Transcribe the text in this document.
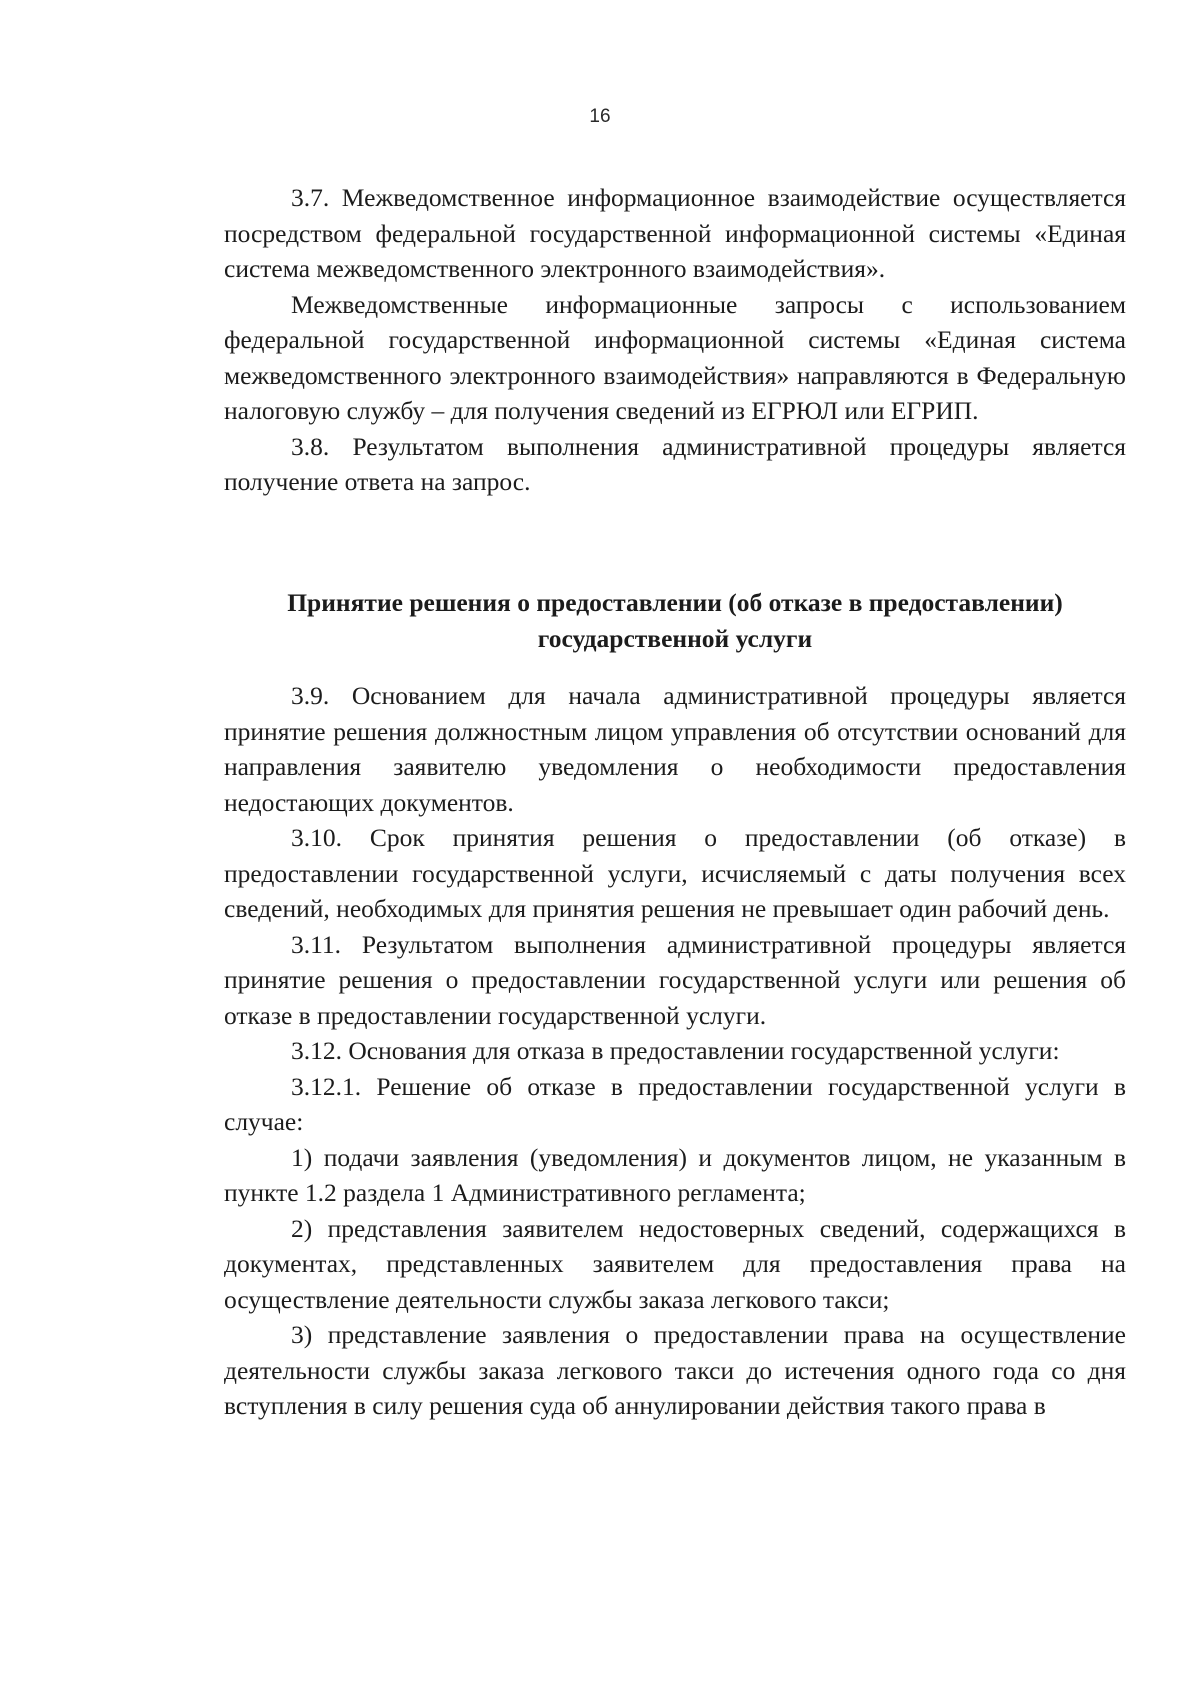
16

3.7. Межведомственное информационное взаимодействие осуществляется посредством федеральной государственной информационной системы «Единая система межведомственного электронного взаимодействия».

Межведомственные информационные запросы с использованием федеральной государственной информационной системы «Единая система межведомственного электронного взаимодействия» направляются в Федеральную налоговую службу – для получения сведений из ЕГРЮЛ или ЕГРИП.

3.8. Результатом выполнения административной процедуры является получение ответа на запрос.

Принятие решения о предоставлении (об отказе в предоставлении)
государственной услуги

3.9. Основанием для начала административной процедуры является принятие решения должностным лицом управления об отсутствии оснований для направления заявителю уведомления о необходимости предоставления недостающих документов.

3.10. Срок принятия решения о предоставлении (об отказе) в предоставлении государственной услуги, исчисляемый с даты получения всех сведений, необходимых для принятия решения не превышает один рабочий день.

3.11. Результатом выполнения административной процедуры является принятие решения о предоставлении государственной услуги или решения об отказе в предоставлении государственной услуги.

3.12. Основания для отказа в предоставлении государственной услуги:

3.12.1. Решение об отказе в предоставлении государственной услуги в случае:

1) подачи заявления (уведомления) и документов лицом, не указанным в пункте 1.2 раздела 1 Административного регламента;

2) представления заявителем недостоверных сведений, содержащихся в документах, представленных заявителем для предоставления права на осуществление деятельности службы заказа легкового такси;

3) представление заявления о предоставлении права на осуществление деятельности службы заказа легкового такси до истечения одного года со дня вступления в силу решения суда об аннулировании действия такого права в
